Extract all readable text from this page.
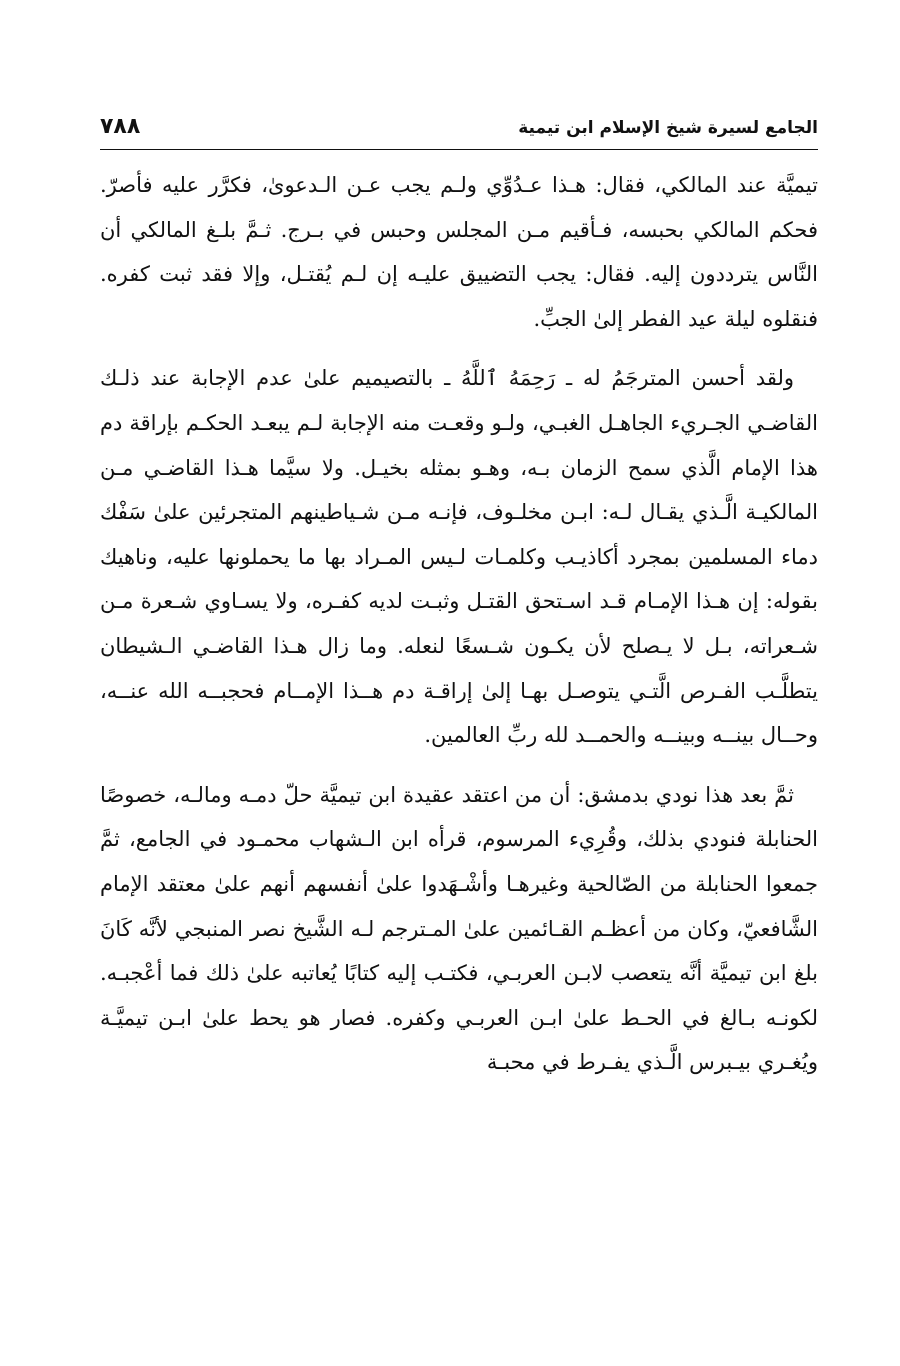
الجامع لسيرة شيخ الإسلام ابن تيمية
٧٨٨

تيميَّة عند المالكي، فقال: هـذا عـدُوِّي ولـم يجب عـن الـدعوىٰ، فكرَّر عليه فأصرّ. فحكم المالكي بحبسه، فـأقيم مـن المجلس وحبس في بـرج. ثـمَّ بلـغ المالكي أن النَّاس يترددون إليه. فقال: يجب التضييق عليـه إن لـم يُقتـل، وإلا فقد ثبت كفره. فنقلوه ليلة عيد الفطر إلىٰ الجبِّ.

ولقد أحسن المترجَمُ له ـ رَحِمَهُ ٱللَّهُ ـ بالتصيميم علىٰ عدم الإجابة عند ذلـك القاضـي الجـريء الجاهـل الغبـي، ولـو وقعـت منه الإجابة لـم يبعـد الحكـم بإراقة دم هذا الإمام الَّذي سمح الزمان بـه، وهـو بمثله بخيـل. ولا سيَّما هـذا القاضـي مـن المالكيـة الَّـذي يقـال لـه: ابـن مخلـوف، فإنـه مـن شـياطينهم المتجرئين علىٰ سَفْك دماء المسلمين بمجرد أكاذيـب وكلمـات لـيس المـراد بها ما يحملونها عليه، وناهيك بقوله: إن هـذا الإمـام قـد اسـتحق القتـل وثبـت لديه كفـره، ولا يسـاوي شـعرة مـن شـعراته، بـل لا يـصلح لأن يكـون شـسعًا لنعله. وما زال هـذا القاضـي الـشيطان يتطلَّـب الفـرص الَّتـي يتوصـل بهـا إلىٰ إراقـة دم هــذا الإمــام فحجبــه الله عنــه، وحــال بينــه وبينــه والحمــد لله ربِّ العالمين.

ثمَّ بعد هذا نودي بدمشق: أن من اعتقد عقيدة ابن تيميَّة حلّ دمـه ومالـه، خصوصًا الحنابلة فنودي بذلك، وقُرِيء المرسوم، قرأه ابن الـشهاب محمـود في الجامع، ثمَّ جمعوا الحنابلة من الصّالحية وغيرهـا وأشْـهَدوا علىٰ أنفسهم أنهم علىٰ معتقد الإمام الشَّافعيّ، وكان من أعظـم القـائمين علىٰ المـترجم لـه الشَّيخ نصر المنبجي لأنَّه كَانَ بلغ ابن تيميَّة أنَّه يتعصب لابـن العربـي، فكتـب إليه كتابًا يُعاتبه علىٰ ذلك فما أعْجبـه. لكونـه بـالغ في الحـط علىٰ ابـن العربـي وكفره. فصار هو يحط علىٰ ابـن تيميَّـة ويُغـري بيـبرس الَّـذي يفـرط في محبـة
